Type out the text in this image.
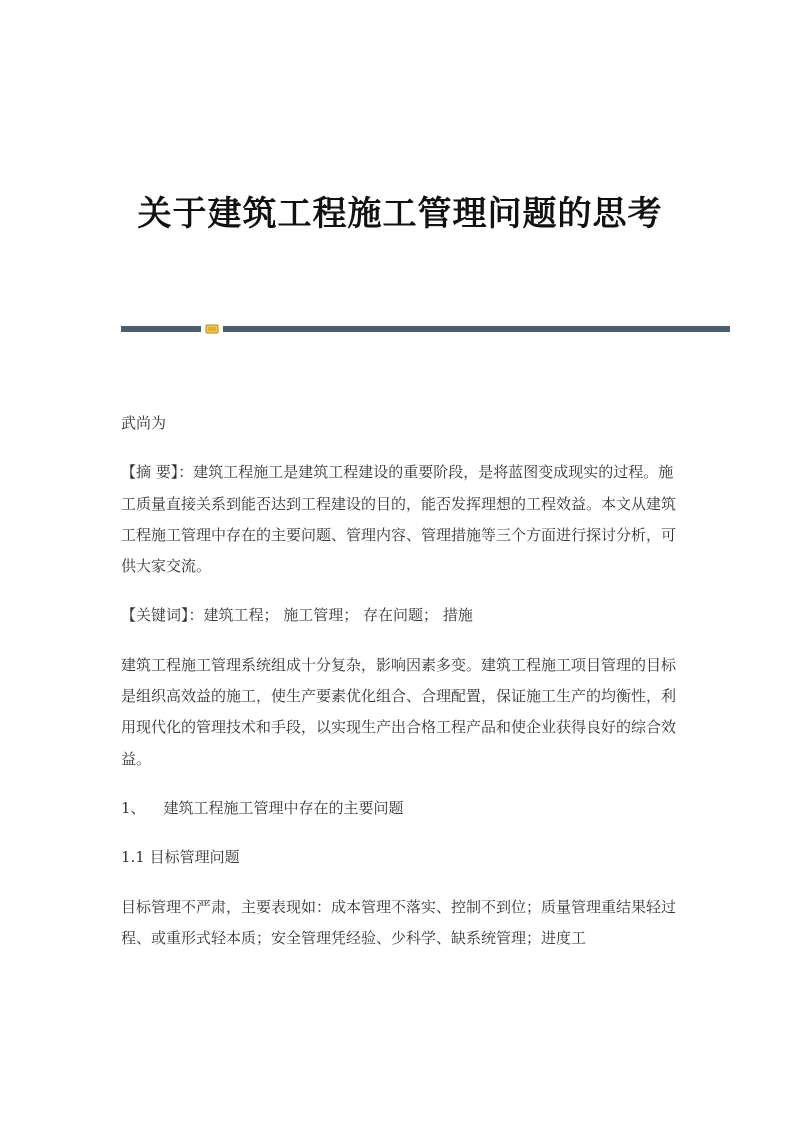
关于建筑工程施工管理问题的思考

武尚为

【摘 要】：建筑工程施工是建筑工程建设的重要阶段，是将蓝图变成现实的过程。施工质量直接关系到能否达到工程建设的目的，能否发挥理想的工程效益。本文从建筑工程施工管理中存在的主要问题、管理内容、管理措施等三个方面进行探讨分析，可供大家交流。

【关键词】：建筑工程； 施工管理； 存在问题； 措施

建筑工程施工管理系统组成十分复杂，影响因素多变。建筑工程施工项目管理的目标是组织高效益的施工，使生产要素优化组合、合理配置，保证施工生产的均衡性，利用现代化的管理技术和手段，以实现生产出合格工程产品和使企业获得良好的综合效益。

1、 建筑工程施工管理中存在的主要问题

1.1 目标管理问题

目标管理不严肃，主要表现如：成本管理不落实、控制不到位；质量管理重结果轻过程、或重形式轻本质；安全管理凭经验、少科学、缺系统管理；进度工
